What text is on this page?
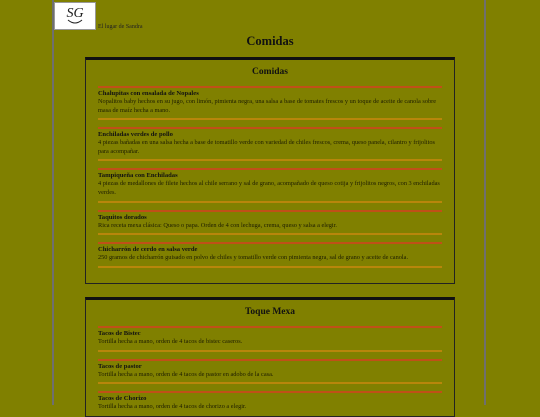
SG
El lugar de Sandra
Comidas
Comidas
Chalupitas con ensalada de Nopales
Nopalitos baby hechos en su jugo, con limón, pimienta negra, una salsa a base de tomates frescos y un toque de aceite de canola sobre masa de maíz hecha a mano.
Enchiladas verdes de pollo
4 piezas bañadas en una salsa hecha a base de tomatillo verde con variedad de chiles frescos, crema, queso panela, cilantro y frijolitos para acompañar.
Tampiqueña con Enchiladas
4 piezas de medallones de filete hechos al chile serrano y sal de grano, acompañado de queso cotija y frijolitos negros, con 3 enchiladas verdes.
Taquitos dorados
Rica receta mexa clásica: Queso o papa. Orden de 4 con lechuga, crema, queso y salsa a elegir.
Chicharrón de cerdo en salsa verde
250 gramos de chicharrón guisado en polvo de chiles y tomatillo verde con pimienta negra, sal de grano y aceite de canola.
Toque Mexa
Tacos de Bistec
Tortilla hecha a mano, orden de 4 tacos de bistec caseros.
Tacos de pastor
Tortilla hecha a mano, orden de 4 tacos de pastor en adobo de la casa.
Tacos de Chorizo
Tortilla hecha a mano, orden de 4 tacos de chorizo a elegir.
